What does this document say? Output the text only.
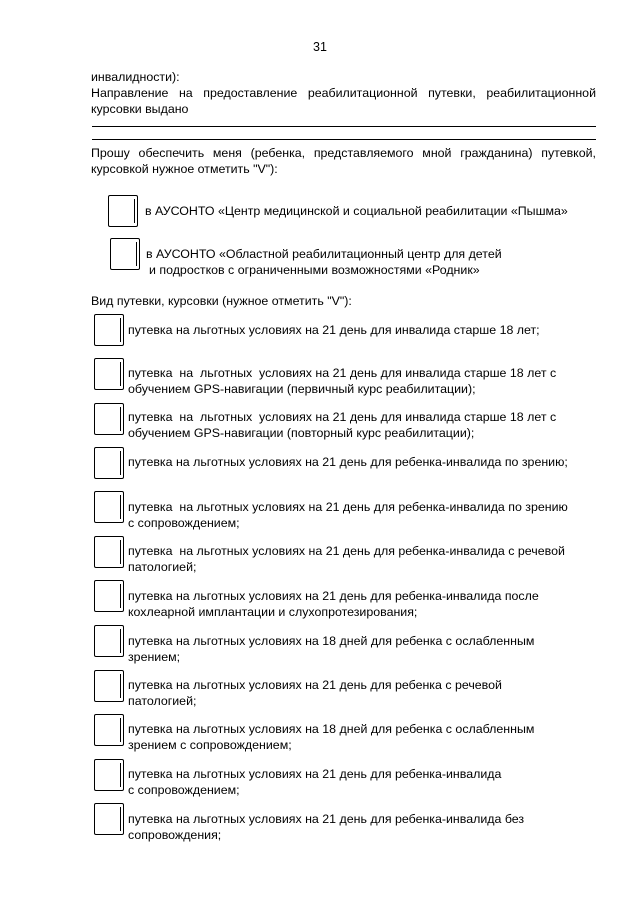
31
инвалидности):
Направление  на  предоставление  реабилитационной  путевки,  реабилитационной
курсовки выдано
Прошу  обеспечить  меня  (ребенка,  представляемого  мной  гражданина)  путевкой,
курсовкой нужное отметить "V"):
в АУСОНТО «Центр медицинской и социальной реабилитации «Пышма»
в АУСОНТО «Областной реабилитационный центр для детей
и подростков с ограниченными возможностями «Родник»
Вид путевки, курсовки (нужное отметить "V"):
путевка на льготных условиях на 21 день для инвалида старше 18 лет;
путевка  на  льготных  условиях на 21 день для инвалида старше 18 лет с
обучением GPS-навигации (первичный курс реабилитации);
путевка  на  льготных  условиях на 21 день для инвалида старше 18 лет с
обучением GPS-навигации (повторный курс реабилитации);
путевка на льготных условиях на 21 день для ребенка-инвалида по зрению;
путевка  на льготных условиях на 21 день для ребенка-инвалида по зрению
с сопровождением;
путевка  на льготных условиях на 21 день для ребенка-инвалида с речевой
патологией;
путевка на льготных условиях на 21 день для ребенка-инвалида после
кохлеарной имплантации и слухопротезирования;
путевка на льготных условиях на 18 дней для ребенка с ослабленным
зрением;
путевка на льготных условиях на 21 день для ребенка с речевой
патологией;
путевка на льготных условиях на 18 дней для ребенка с ослабленным
зрением с сопровождением;
путевка на льготных условиях на 21 день для ребенка-инвалида
с сопровождением;
путевка на льготных условиях на 21 день для ребенка-инвалида без
сопровождения;
